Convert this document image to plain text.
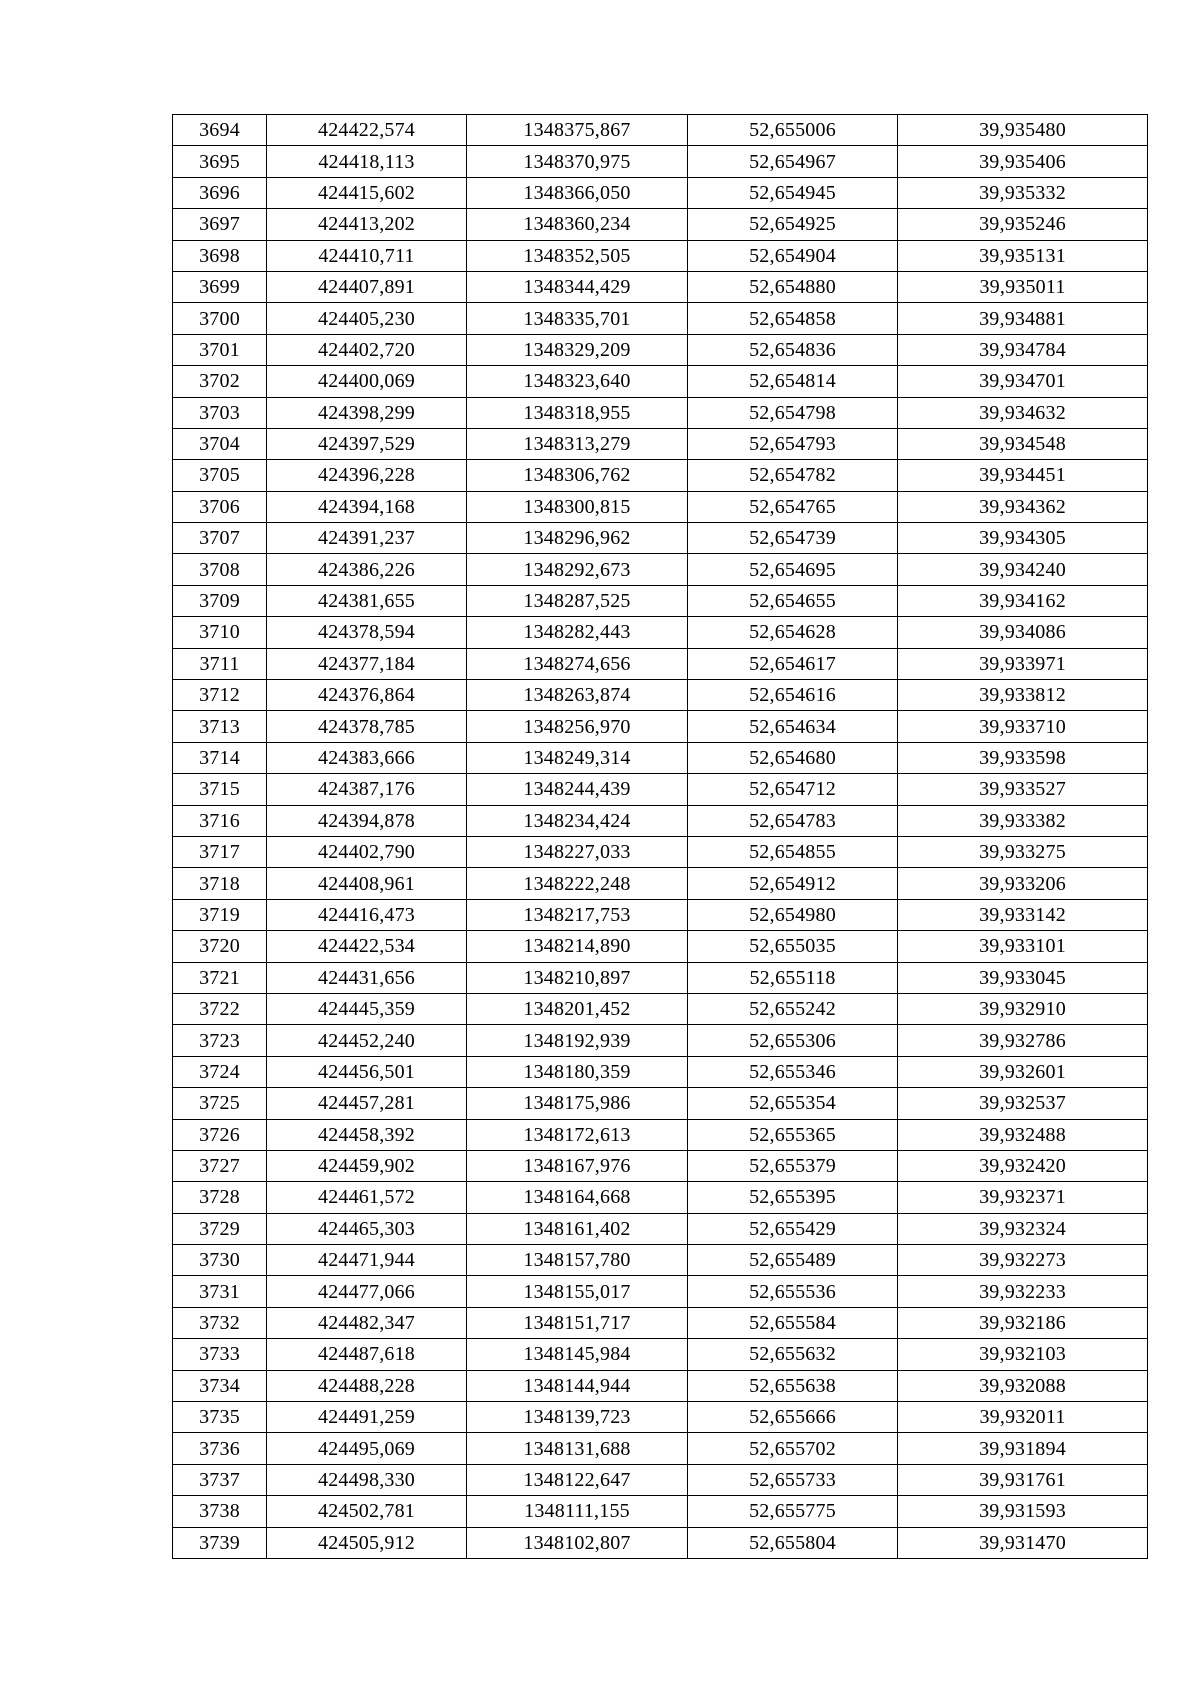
3694	424422,574	1348375,867	52,655006	39,935480
3695	424418,113	1348370,975	52,654967	39,935406
3696	424415,602	1348366,050	52,654945	39,935332
3697	424413,202	1348360,234	52,654925	39,935246
3698	424410,711	1348352,505	52,654904	39,935131
3699	424407,891	1348344,429	52,654880	39,935011
3700	424405,230	1348335,701	52,654858	39,934881
3701	424402,720	1348329,209	52,654836	39,934784
3702	424400,069	1348323,640	52,654814	39,934701
3703	424398,299	1348318,955	52,654798	39,934632
3704	424397,529	1348313,279	52,654793	39,934548
3705	424396,228	1348306,762	52,654782	39,934451
3706	424394,168	1348300,815	52,654765	39,934362
3707	424391,237	1348296,962	52,654739	39,934305
3708	424386,226	1348292,673	52,654695	39,934240
3709	424381,655	1348287,525	52,654655	39,934162
3710	424378,594	1348282,443	52,654628	39,934086
3711	424377,184	1348274,656	52,654617	39,933971
3712	424376,864	1348263,874	52,654616	39,933812
3713	424378,785	1348256,970	52,654634	39,933710
3714	424383,666	1348249,314	52,654680	39,933598
3715	424387,176	1348244,439	52,654712	39,933527
3716	424394,878	1348234,424	52,654783	39,933382
3717	424402,790	1348227,033	52,654855	39,933275
3718	424408,961	1348222,248	52,654912	39,933206
3719	424416,473	1348217,753	52,654980	39,933142
3720	424422,534	1348214,890	52,655035	39,933101
3721	424431,656	1348210,897	52,655118	39,933045
3722	424445,359	1348201,452	52,655242	39,932910
3723	424452,240	1348192,939	52,655306	39,932786
3724	424456,501	1348180,359	52,655346	39,932601
3725	424457,281	1348175,986	52,655354	39,932537
3726	424458,392	1348172,613	52,655365	39,932488
3727	424459,902	1348167,976	52,655379	39,932420
3728	424461,572	1348164,668	52,655395	39,932371
3729	424465,303	1348161,402	52,655429	39,932324
3730	424471,944	1348157,780	52,655489	39,932273
3731	424477,066	1348155,017	52,655536	39,932233
3732	424482,347	1348151,717	52,655584	39,932186
3733	424487,618	1348145,984	52,655632	39,932103
3734	424488,228	1348144,944	52,655638	39,932088
3735	424491,259	1348139,723	52,655666	39,932011
3736	424495,069	1348131,688	52,655702	39,931894
3737	424498,330	1348122,647	52,655733	39,931761
3738	424502,781	1348111,155	52,655775	39,931593
3739	424505,912	1348102,807	52,655804	39,931470
